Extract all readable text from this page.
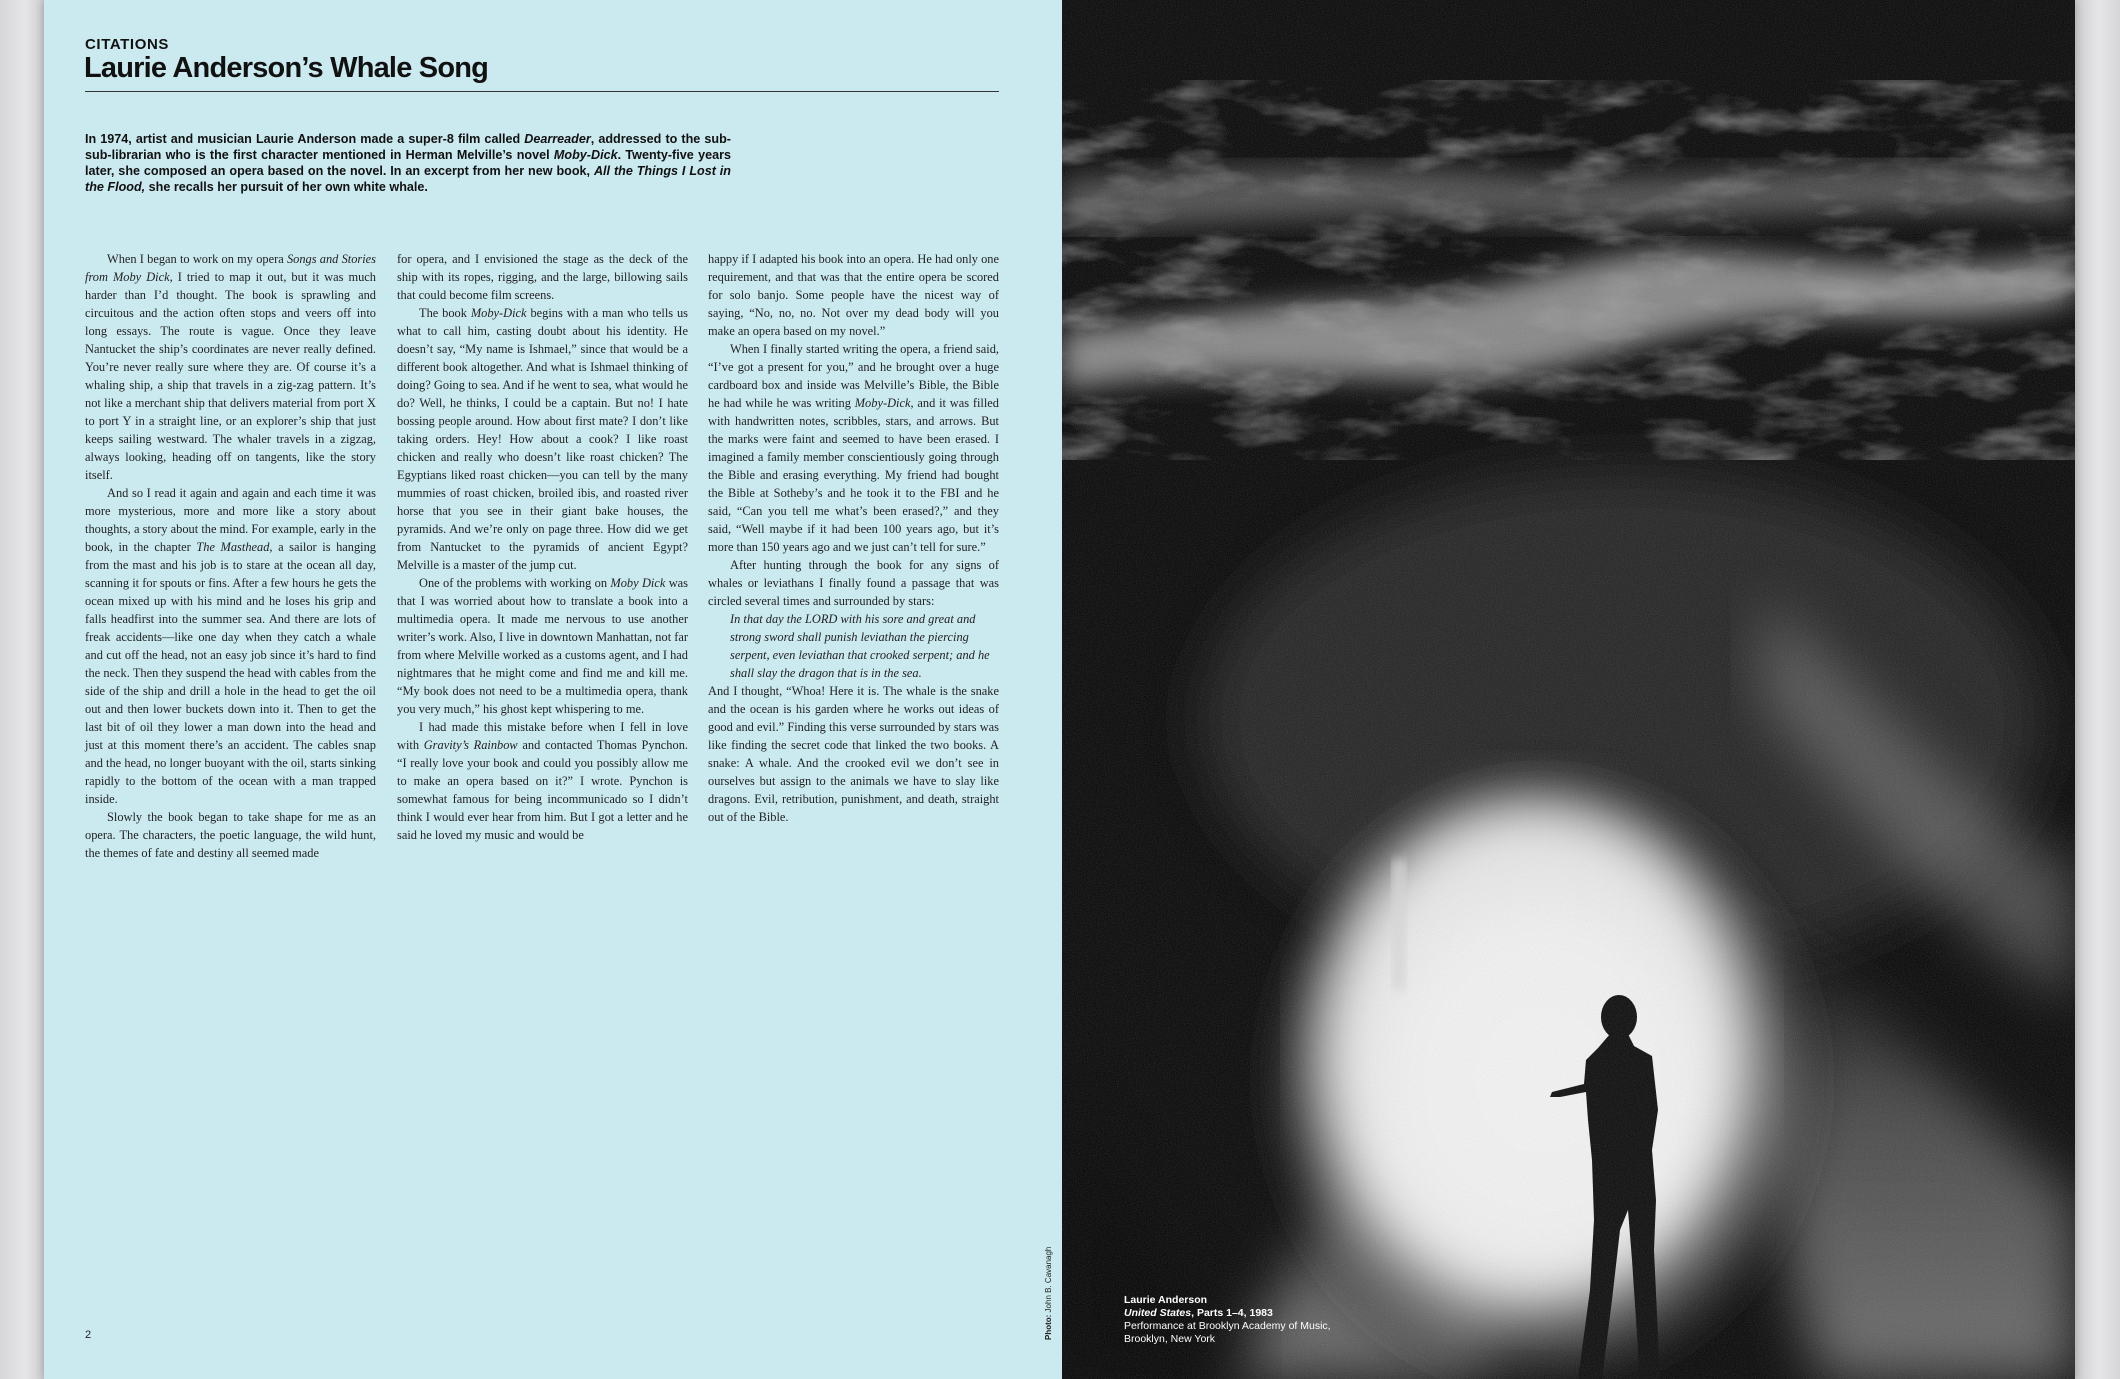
CITATIONS
Laurie Anderson’s Whale Song
In 1974, artist and musician Laurie Anderson made a super-8 film called Dearreader, addressed to the sub-sub-librarian who is the first character mentioned in Herman Melville’s novel Moby-Dick. Twenty-five years later, she composed an opera based on the novel. In an excerpt from her new book, All the Things I Lost in the Flood, she recalls her pursuit of her own white whale.

When I began to work on my opera Songs and Stories from Moby Dick, I tried to map it out, but it was much harder than I’d thought. The book is sprawling and circuitous and the action often stops and veers off into long essays. The route is vague. Once they leave Nantucket the ship’s coordinates are never really defined. You’re never really sure where they are. Of course it’s a whaling ship, a ship that travels in a zig-zag pattern. It’s not like a merchant ship that delivers material from port X to port Y in a straight line, or an explorer’s ship that just keeps sailing westward. The whaler travels in a zigzag, always looking, heading off on tangents, like the story itself.

And so I read it again and again and each time it was more mysterious, more and more like a story about thoughts, a story about the mind. For example, early in the book, in the chapter The Masthead, a sailor is hanging from the mast and his job is to stare at the ocean all day, scanning it for spouts or fins. After a few hours he gets the ocean mixed up with his mind and he loses his grip and falls headfirst into the summer sea. And there are lots of freak accidents—like one day when they catch a whale and cut off the head, not an easy job since it’s hard to find the neck. Then they suspend the head with cables from the side of the ship and drill a hole in the head to get the oil out and then lower buckets down into it. Then to get the last bit of oil they lower a man down into the head and just at this moment there’s an accident. The cables snap and the head, no longer buoyant with the oil, starts sinking rapidly to the bottom of the ocean with a man trapped inside.

Slowly the book began to take shape for me as an opera. The characters, the poetic language, the wild hunt, the themes of fate and destiny all seemed made

for opera, and I envisioned the stage as the deck of the ship with its ropes, rigging, and the large, billowing sails that could become film screens.

The book Moby-Dick begins with a man who tells us what to call him, casting doubt about his identity. He doesn’t say, “My name is Ishmael,” since that would be a different book altogether. And what is Ishmael thinking of doing? Going to sea. And if he went to sea, what would he do? Well, he thinks, I could be a captain. But no! I hate bossing people around. How about first mate? I don’t like taking orders. Hey! How about a cook? I like roast chicken and really who doesn’t like roast chicken? The Egyptians liked roast chicken—you can tell by the many mummies of roast chicken, broiled ibis, and roasted river horse that you see in their giant bake houses, the pyramids. And we’re only on page three. How did we get from Nantucket to the pyramids of ancient Egypt? Melville is a master of the jump cut.

One of the problems with working on Moby Dick was that I was worried about how to translate a book into a multimedia opera. It made me nervous to use another writer’s work. Also, I live in downtown Manhattan, not far from where Melville worked as a customs agent, and I had nightmares that he might come and find me and kill me. “My book does not need to be a multimedia opera, thank you very much,” his ghost kept whispering to me.

I had made this mistake before when I fell in love with Gravity’s Rainbow and contacted Thomas Pynchon. “I really love your book and could you possibly allow me to make an opera based on it?” I wrote. Pynchon is somewhat famous for being incommunicado so I didn’t think I would ever hear from him. But I got a letter and he said he loved my music and would be

happy if I adapted his book into an opera. He had only one requirement, and that was that the entire opera be scored for solo banjo. Some people have the nicest way of saying, “No, no, no. Not over my dead body will you make an opera based on my novel.”

When I finally started writing the opera, a friend said, “I’ve got a present for you,” and he brought over a huge cardboard box and inside was Melville’s Bible, the Bible he had while he was writing Moby-Dick, and it was filled with handwritten notes, scribbles, stars, and arrows. But the marks were faint and seemed to have been erased. I imagined a family member conscientiously going through the Bible and erasing everything. My friend had bought the Bible at Sotheby’s and he took it to the FBI and he said, “Can you tell me what’s been erased?,” and they said, “Well maybe if it had been 100 years ago, but it’s more than 150 years ago and we just can’t tell for sure.”

After hunting through the book for any signs of whales or leviathans I finally found a passage that was circled several times and surrounded by stars:

In that day the LORD with his sore and great and strong sword shall punish leviathan the piercing serpent, even leviathan that crooked serpent; and he shall slay the dragon that is in the sea.

And I thought, “Whoa! Here it is. The whale is the snake and the ocean is his garden where he works out ideas of good and evil.” Finding this verse surrounded by stars was like finding the secret code that linked the two books. A snake: A whale. And the crooked evil we don’t see in ourselves but assign to the animals we have to slay like dragons. Evil, retribution, punishment, and death, straight out of the Bible.

2	Photo: John B. Cavanagh	Laurie Anderson
United States, Parts 1–4, 1983
Performance at Brooklyn Academy of Music,
Brooklyn, New York
